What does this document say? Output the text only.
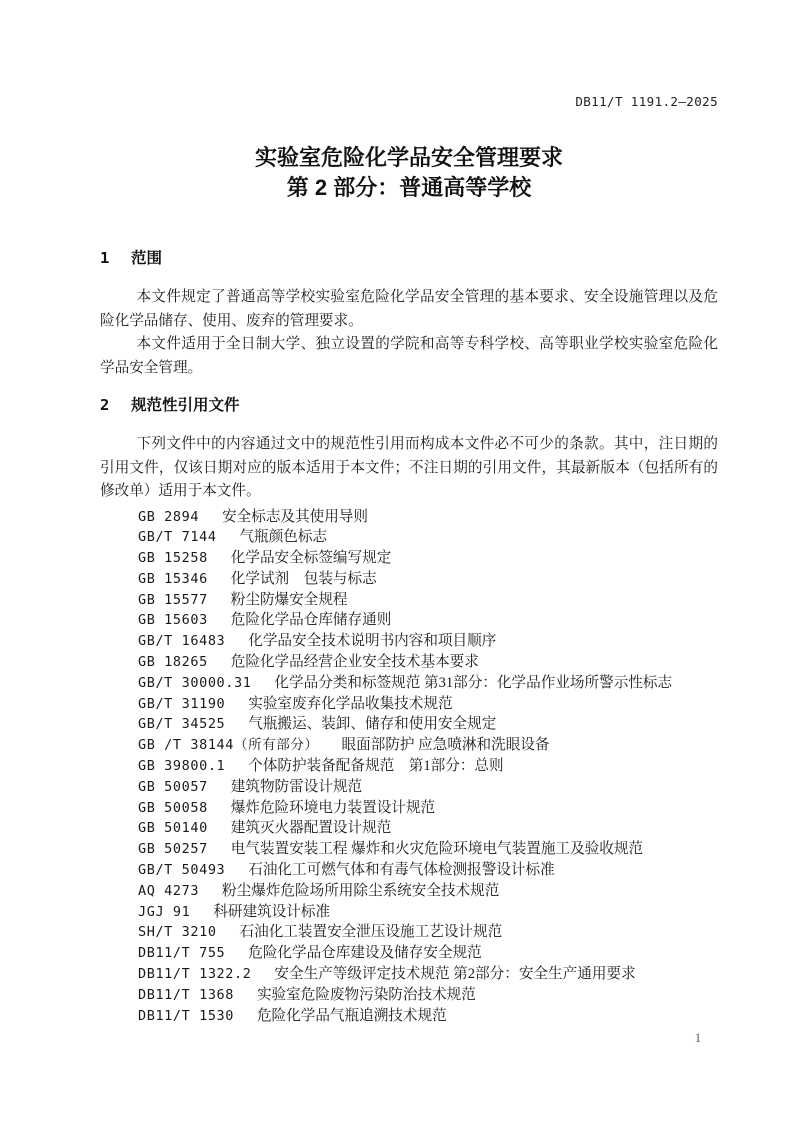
DB11/T 1191.2—2025
实验室危险化学品安全管理要求
第 2 部分：普通高等学校
1 范围

本文件规定了普通高等学校实验室危险化学品安全管理的基本要求、安全设施管理以及危险化学品储存、使用、废弃的管理要求。

本文件适用于全日制大学、独立设置的学院和高等专科学校、高等职业学校实验室危险化学品安全管理。

2 规范性引用文件

下列文件中的内容通过文中的规范性引用而构成本文件必不可少的条款。其中，注日期的引用文件，仅该日期对应的版本适用于本文件；不注日期的引用文件，其最新版本（包括所有的修改单）适用于本文件。

GB 2894 安全标志及其使用导则
GB/T 7144 气瓶颜色标志
GB 15258 化学品安全标签编写规定
GB 15346 化学试剂　包装与标志
GB 15577 粉尘防爆安全规程
GB 15603 危险化学品仓库储存通则
GB/T 16483 化学品安全技术说明书内容和项目顺序
GB 18265 危险化学品经营企业安全技术基本要求
GB/T 30000.31 化学品分类和标签规范 第31部分：化学品作业场所警示性标志
GB/T 31190 实验室废弃化学品收集技术规范
GB/T 34525 气瓶搬运、装卸、储存和使用安全规定
GB /T 38144（所有部分） 眼面部防护 应急喷淋和洗眼设备
GB 39800.1 个体防护装备配备规范　第1部分：总则
GB 50057 建筑物防雷设计规范
GB 50058 爆炸危险环境电力装置设计规范
GB 50140 建筑灭火器配置设计规范
GB 50257 电气装置安装工程 爆炸和火灾危险环境电气装置施工及验收规范
GB/T 50493 石油化工可燃气体和有毒气体检测报警设计标准
AQ 4273 粉尘爆炸危险场所用除尘系统安全技术规范
JGJ 91 科研建筑设计标准
SH/T 3210 石油化工装置安全泄压设施工艺设计规范
DB11/T 755 危险化学品仓库建设及储存安全规范
DB11/T 1322.2 安全生产等级评定技术规范 第2部分：安全生产通用要求
DB11/T 1368 实验室危险废物污染防治技术规范
DB11/T 1530 危险化学品气瓶追溯技术规范
1
